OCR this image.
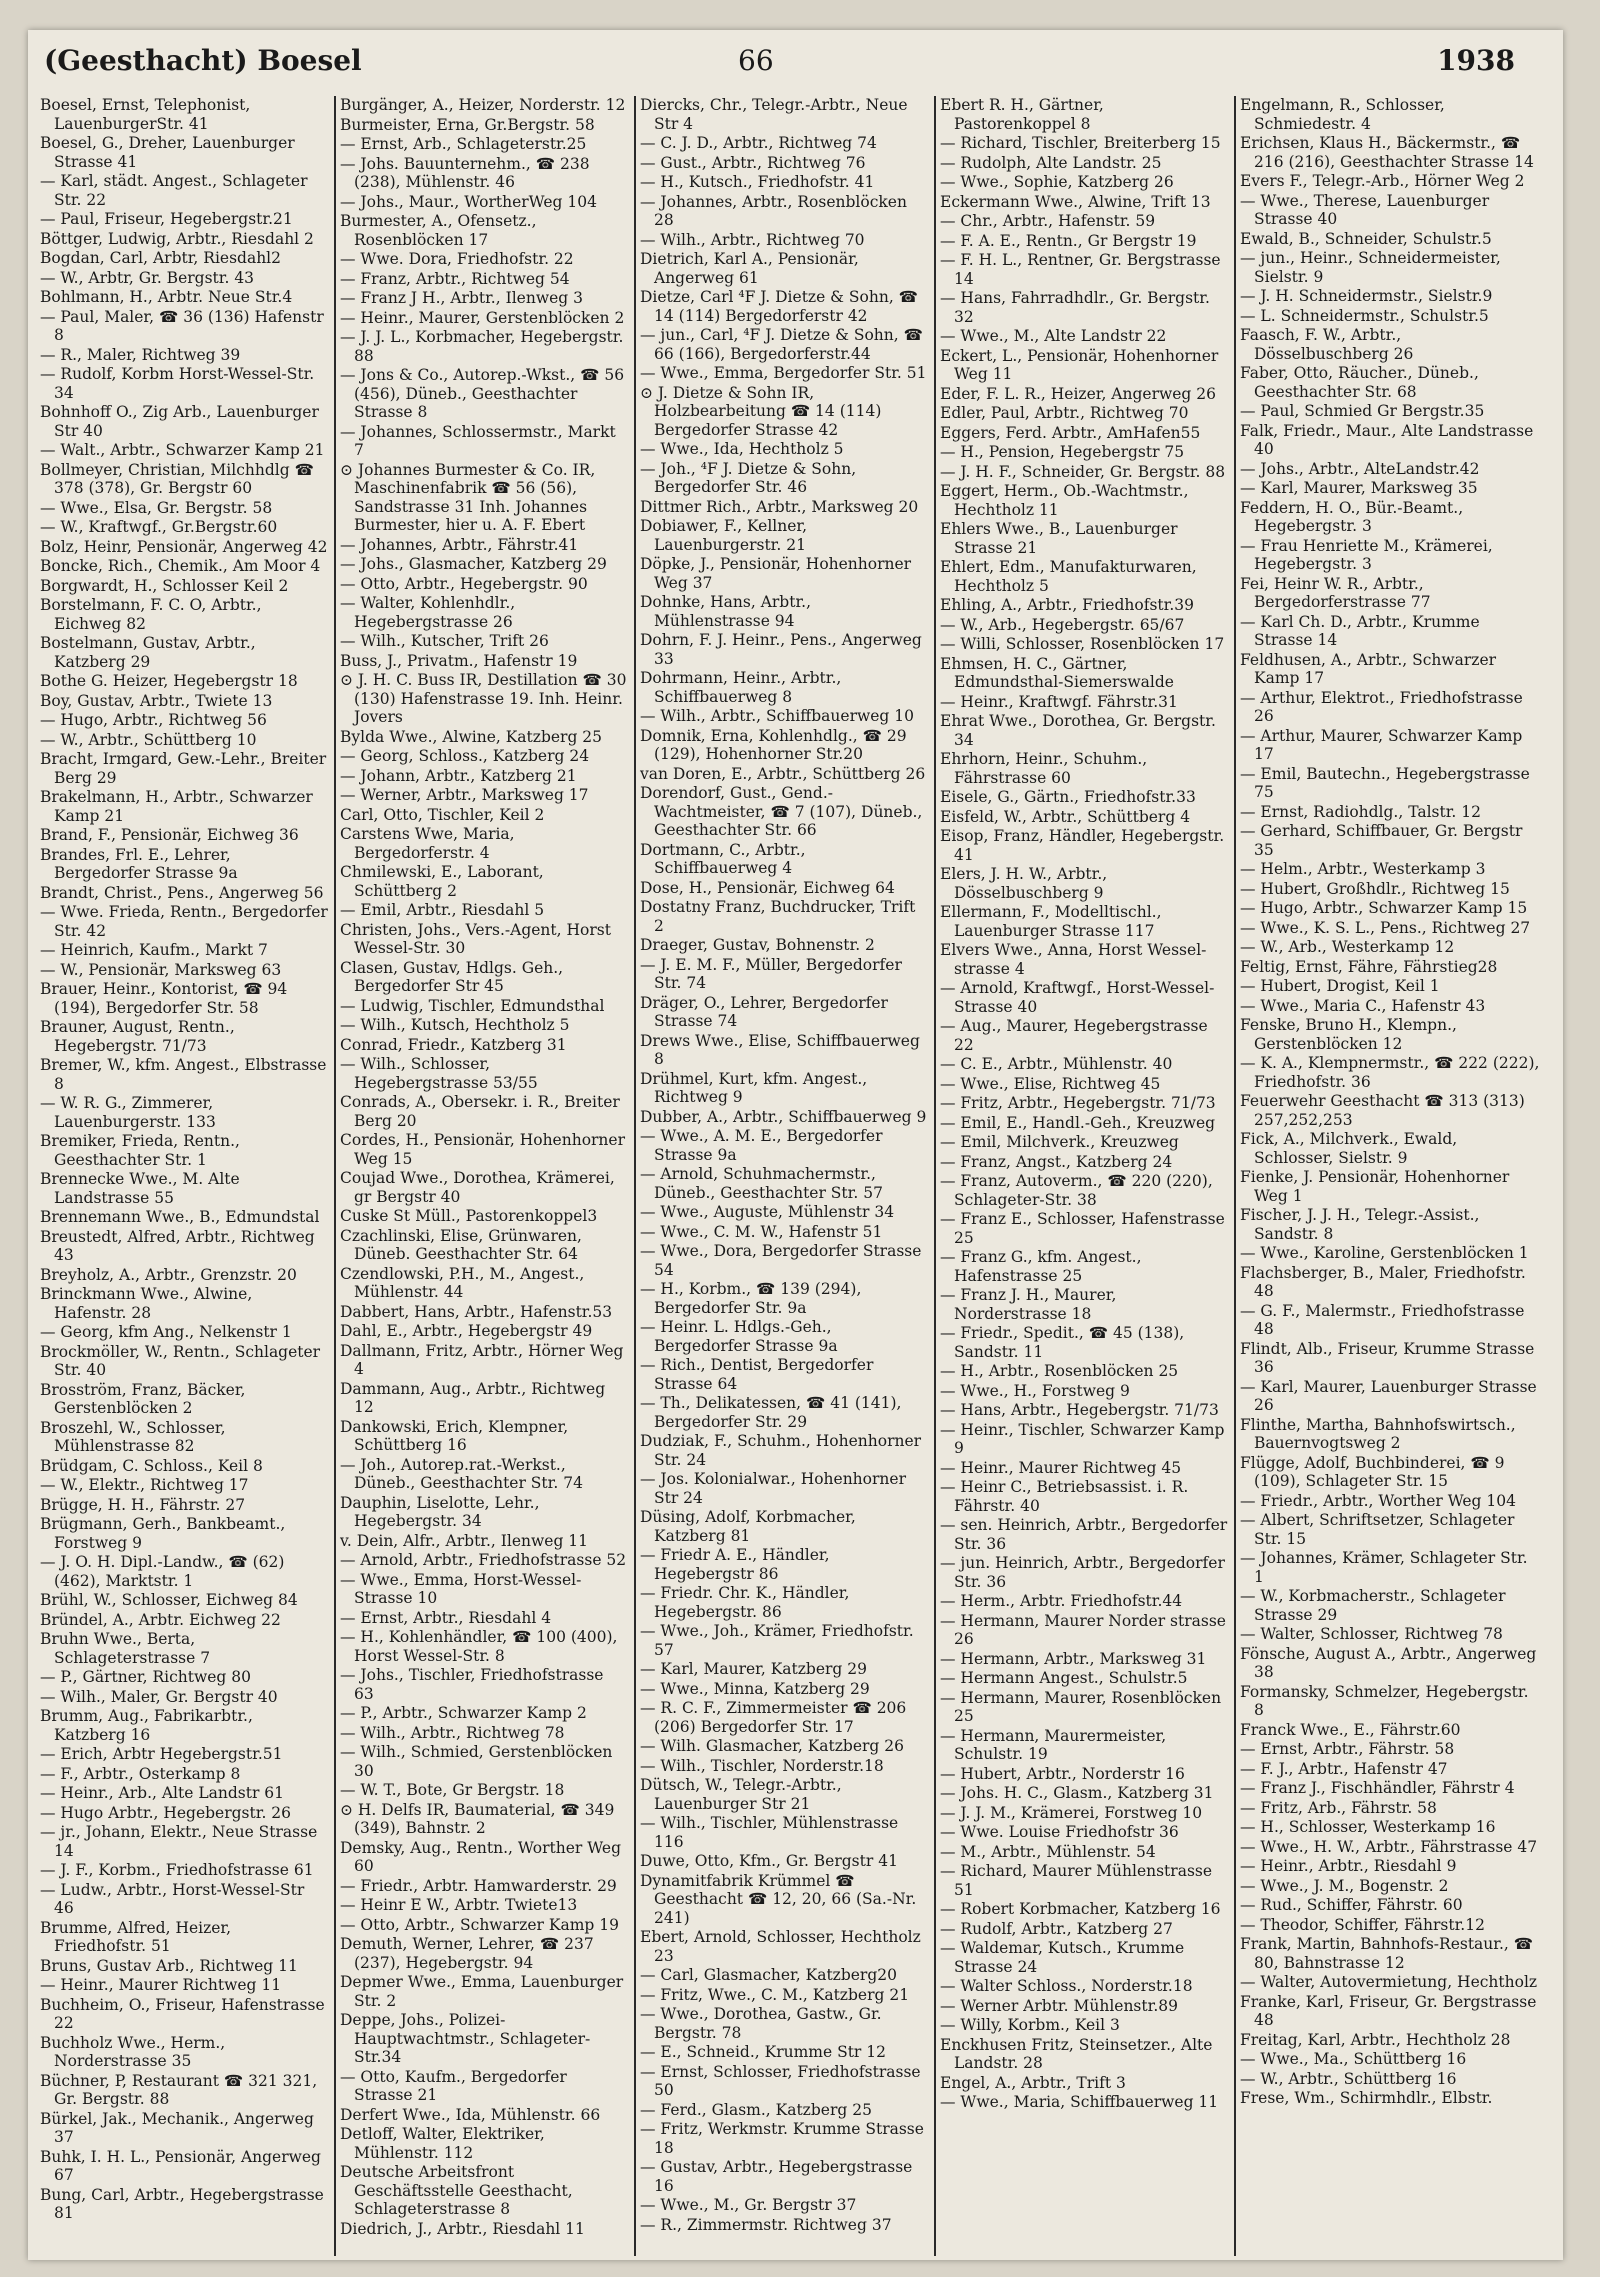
(Geesthacht) Boesel	66	1938
Boesel, Ernst, Telephonist, LauenburgerStr. 41
Boesel, G., Dreher, Lauenburger Strasse 41
— Karl, städt. Angest., Schlageter Str. 22
— Paul, Friseur, Hegebergstr.21
Böttger, Ludwig, Arbtr., Riesdahl 2
Bogdan, Carl, Arbtr, Riesdahl2
— W., Arbtr, Gr. Bergstr. 43
Bohlmann, H., Arbtr. Neue Str.4
— Paul, Maler, ☎ 36 (136) Hafenstr 8
— R., Maler, Richtweg 39
— Rudolf, Korbm Horst-Wessel-Str. 34
Bohnhoff O., Zig Arb., Lauenburger Str 40
— Walt., Arbtr., Schwarzer Kamp 21
Bollmeyer, Christian, Milchhdlg ☎ 378 (378), Gr. Bergstr 60
— Wwe., Elsa, Gr. Bergstr. 58
— W., Kraftwgf., Gr.Bergstr.60
Bolz, Heinr, Pensionär, Angerweg 42
Boncke, Rich., Chemik., Am Moor 4
Borgwardt, H., Schlosser Keil 2
Borstelmann, F. C. O, Arbtr., Eichweg 82
Bostelmann, Gustav, Arbtr., Katzberg 29
Bothe G. Heizer, Hegebergstr 18
Boy, Gustav, Arbtr., Twiete 13
— Hugo, Arbtr., Richtweg 56
— W., Arbtr., Schüttberg 10
Bracht, Irmgard, Gew.-Lehr., Breiter Berg 29
Brakelmann, H., Arbtr., Schwarzer Kamp 21
Brand, F., Pensionär, Eichweg 36
Brandes, Frl. E., Lehrer, Bergedorfer Strasse 9a
Brandt, Christ., Pens., Angerweg 56
— Wwe. Frieda, Rentn., Bergedorfer Str. 42
— Heinrich, Kaufm., Markt 7
— W., Pensionär, Marksweg 63
Brauer, Heinr., Kontorist, ☎ 94 (194), Bergedorfer Str. 58
Brauner, August, Rentn., Hegebergstr. 71/73
Bremer, W., kfm. Angest., Elbstrasse 8
— W. R. G., Zimmerer, Lauenburgerstr. 133
Bremiker, Frieda, Rentn., Geesthachter Str. 1
Brennecke Wwe., M. Alte Landstrasse 55
Brennemann Wwe., B., Edmundstal
Breustedt, Alfred, Arbtr., Richtweg 43
Breyholz, A., Arbtr., Grenzstr. 20
Brinckmann Wwe., Alwine, Hafenstr. 28
— Georg, kfm Ang., Nelkenstr 1
Brockmöller, W., Rentn., Schlageter Str. 40
Brosström, Franz, Bäcker, Gerstenblöcken 2
Broszehl, W., Schlosser, Mühlenstrasse 82
Brüdgam, C. Schloss., Keil 8
— W., Elektr., Richtweg 17
Brügge, H. H., Fährstr. 27
Brügmann, Gerh., Bankbeamt., Forstweg 9
— J. O. H. Dipl.-Landw., ☎ (62) (462), Marktstr. 1
Brühl, W., Schlosser, Eichweg 84
Bründel, A., Arbtr. Eichweg 22
Bruhn Wwe., Berta, Schlageterstrasse 7
— P., Gärtner, Richtweg 80
— Wilh., Maler, Gr. Bergstr 40
Brumm, Aug., Fabrikarbtr., Katzberg 16
— Erich, Arbtr Hegebergstr.51
— F., Arbtr., Osterkamp 8
— Heinr., Arb., Alte Landstr 61
— Hugo Arbtr., Hegebergstr. 26
— jr., Johann, Elektr., Neue Strasse 14
— J. F., Korbm., Friedhofstrasse 61
— Ludw., Arbtr., Horst-Wessel-Str 46
Brumme, Alfred, Heizer, Friedhofstr. 51
Bruns, Gustav Arb., Richtweg 11
— Heinr., Maurer Richtweg 11
Buchheim, O., Friseur, Hafenstrasse 22
Buchholz Wwe., Herm., Norderstrasse 35
Büchner, P, Restaurant ☎ 321 321, Gr. Bergstr. 88
Bürkel, Jak., Mechanik., Angerweg 37
Buhk, I. H. L., Pensionär, Angerweg 67
Bung, Carl, Arbtr., Hegebergstrasse 81
Burgänger, A., Heizer, Norderstr. 12
Burmeister, Erna, Gr.Bergstr. 58
— Ernst, Arb., Schlageterstr.25
— Johs. Bauunternehm., ☎ 238 (238), Mühlenstr. 46
— Johs., Maur., WortherWeg 104
Burmester, A., Ofensetz., Rosenblöcken 17
— Wwe. Dora, Friedhofstr. 22
— Franz, Arbtr., Richtweg 54
— Franz J H., Arbtr., Ilenweg 3
— Heinr., Maurer, Gerstenblöcken 2
— J. J. L., Korbmacher, Hegebergstr. 88
— Jons & Co., Autorep.-Wkst., ☎ 56 (456), Düneb., Geesthachter Strasse 8
— Johannes, Schlossermstr., Markt 7
⊙ Johannes Burmester & Co. IR, Maschinenfabrik ☎ 56 (56), Sandstrasse 31 Inh. Johannes Burmester, hier u. A. F. Ebert
— Johannes, Arbtr., Fährstr.41
— Johs., Glasmacher, Katzberg 29
— Otto, Arbtr., Hegebergstr. 90
— Walter, Kohlenhdlr., Hegebergstrasse 26
— Wilh., Kutscher, Trift 26
Buss, J., Privatm., Hafenstr 19
⊙ J. H. C. Buss IR, Destillation ☎ 30 (130) Hafenstrasse 19. Inh. Heinr. Jovers
Bylda Wwe., Alwine, Katzberg 25
— Georg, Schloss., Katzberg 24
— Johann, Arbtr., Katzberg 21
— Werner, Arbtr., Marksweg 17
Carl, Otto, Tischler, Keil 2
Carstens Wwe, Maria, Bergedorferstr. 4
Chmilewski, E., Laborant, Schüttberg 2
— Emil, Arbtr., Riesdahl 5
Christen, Johs., Vers.-Agent, Horst Wessel-Str. 30
Clasen, Gustav, Hdlgs. Geh., Bergedorfer Str 45
— Ludwig, Tischler, Edmundsthal
— Wilh., Kutsch, Hechtholz 5
Conrad, Friedr., Katzberg 31
— Wilh., Schlosser, Hegebergstrasse 53/55
Conrads, A., Obersekr. i. R., Breiter Berg 20
Cordes, H., Pensionär, Hohenhorner Weg 15
Coujad Wwe., Dorothea, Krämerei, gr Bergstr 40
Cuske St Müll., Pastorenkoppel3
Czachlinski, Elise, Grünwaren, Düneb. Geesthachter Str. 64
Czendlowski, P.H., M., Angest., Mühlenstr. 44
Dabbert, Hans, Arbtr., Hafenstr.53
Dahl, E., Arbtr., Hegebergstr 49
Dallmann, Fritz, Arbtr., Hörner Weg 4
Dammann, Aug., Arbtr., Richtweg 12
Dankowski, Erich, Klempner, Schüttberg 16
— Joh., Autorep.rat.-Werkst., Düneb., Geesthachter Str. 74
Dauphin, Liselotte, Lehr., Hegebergstr. 34
v. Dein, Alfr., Arbtr., Ilenweg 11
— Arnold, Arbtr., Friedhofstrasse 52
— Wwe., Emma, Horst-Wessel-Strasse 10
— Ernst, Arbtr., Riesdahl 4
— H., Kohlenhändler, ☎ 100 (400), Horst Wessel-Str. 8
— Johs., Tischler, Friedhofstrasse 63
— P., Arbtr., Schwarzer Kamp 2
— Wilh., Arbtr., Richtweg 78
— Wilh., Schmied, Gerstenblöcken 30
— W. T., Bote, Gr Bergstr. 18
⊙ H. Delfs IR, Baumaterial, ☎ 349 (349), Bahnstr. 2
Demsky, Aug., Rentn., Worther Weg 60
— Friedr., Arbtr. Hamwarderstr. 29
— Heinr E W., Arbtr. Twiete13
— Otto, Arbtr., Schwarzer Kamp 19
Demuth, Werner, Lehrer, ☎ 237 (237), Hegebergstr. 94
Depmer Wwe., Emma, Lauenburger Str. 2
Deppe, Johs., Polizei-Hauptwachtmstr., Schlageter-Str.34
— Otto, Kaufm., Bergedorfer Strasse 21
Derfert Wwe., Ida, Mühlenstr. 66
Detloff, Walter, Elektriker, Mühlenstr. 112
Deutsche Arbeitsfront Geschäftsstelle Geesthacht, Schlageterstrasse 8
Diedrich, J., Arbtr., Riesdahl 11
Diercks, Chr., Telegr.-Arbtr., Neue Str 4
— C. J. D., Arbtr., Richtweg 74
— Gust., Arbtr., Richtweg 76
— H., Kutsch., Friedhofstr. 41
— Johannes, Arbtr., Rosenblöcken 28
— Wilh., Arbtr., Richtweg 70
Dietrich, Karl A., Pensionär, Angerweg 61
Dietze, Carl ⁴F J. Dietze & Sohn, ☎ 14 (114) Bergedorferstr 42
— jun., Carl, ⁴F J. Dietze & Sohn, ☎ 66 (166), Bergedorferstr.44
— Wwe., Emma, Bergedorfer Str. 51
⊙ J. Dietze & Sohn IR, Holzbearbeitung ☎ 14 (114) Bergedorfer Strasse 42
— Wwe., Ida, Hechtholz 5
— Joh., ⁴F J. Dietze & Sohn, Bergedorfer Str. 46
Dittmer Rich., Arbtr., Marksweg 20
Dobiawer, F., Kellner, Lauenburgerstr. 21
Döpke, J., Pensionär, Hohenhorner Weg 37
Dohnke, Hans, Arbtr., Mühlenstrasse 94
Dohrn, F. J. Heinr., Pens., Angerweg 33
Dohrmann, Heinr., Arbtr., Schiffbauerweg 8
— Wilh., Arbtr., Schiffbauerweg 10
Domnik, Erna, Kohlenhdlg., ☎ 29 (129), Hohenhorner Str.20
van Doren, E., Arbtr., Schüttberg 26
Dorendorf, Gust., Gend.-Wachtmeister, ☎ 7 (107), Düneb., Geesthachter Str. 66
Dortmann, C., Arbtr., Schiffbauerweg 4
Dose, H., Pensionär, Eichweg 64
Dostatny Franz, Buchdrucker, Trift 2
Draeger, Gustav, Bohnenstr. 2
— J. E. M. F., Müller, Bergedorfer Str. 74
Dräger, O., Lehrer, Bergedorfer Strasse 74
Drews Wwe., Elise, Schiffbauerweg 8
Drühmel, Kurt, kfm. Angest., Richtweg 9
Dubber, A., Arbtr., Schiffbauerweg 9
— Wwe., A. M. E., Bergedorfer Strasse 9a
— Arnold, Schuhmachermstr., Düneb., Geesthachter Str. 57
— Wwe., Auguste, Mühlenstr 34
— Wwe., C. M. W., Hafenstr 51
— Wwe., Dora, Bergedorfer Strasse 54
— H., Korbm., ☎ 139 (294), Bergedorfer Str. 9a
— Heinr. L. Hdlgs.-Geh., Bergedorfer Strasse 9a
— Rich., Dentist, Bergedorfer Strasse 64
— Th., Delikatessen, ☎ 41 (141), Bergedorfer Str. 29
Dudziak, F., Schuhm., Hohenhorner Str. 24
— Jos. Kolonialwar., Hohenhorner Str 24
Düsing, Adolf, Korbmacher, Katzberg 81
— Friedr A. E., Händler, Hegebergstr 86
— Friedr. Chr. K., Händler, Hegebergstr. 86
— Wwe., Joh., Krämer, Friedhofstr. 57
— Karl, Maurer, Katzberg 29
— Wwe., Minna, Katzberg 29
— R. C. F., Zimmermeister ☎ 206 (206) Bergedorfer Str. 17
— Wilh. Glasmacher, Katzberg 26
— Wilh., Tischler, Norderstr.18
Dütsch, W., Telegr.-Arbtr., Lauenburger Str 21
— Wilh., Tischler, Mühlenstrasse 116
Duwe, Otto, Kfm., Gr. Bergstr 41
Dynamitfabrik Krümmel ☎ Geesthacht ☎ 12, 20, 66 (Sa.-Nr. 241)
Ebert, Arnold, Schlosser, Hechtholz 23
— Carl, Glasmacher, Katzberg20
— Fritz, Wwe., C. M., Katzberg 21
— Wwe., Dorothea, Gastw., Gr. Bergstr. 78
— E., Schneid., Krumme Str 12
— Ernst, Schlosser, Friedhofstrasse 50
— Ferd., Glasm., Katzberg 25
— Fritz, Werkmstr. Krumme Strasse 18
— Gustav, Arbtr., Hegebergstrasse 16
— Wwe., M., Gr. Bergstr 37
— R., Zimmermstr. Richtweg 37
Ebert R. H., Gärtner, Pastorenkoppel 8
— Richard, Tischler, Breiterberg 15
— Rudolph, Alte Landstr. 25
— Wwe., Sophie, Katzberg 26
Eckermann Wwe., Alwine, Trift 13
— Chr., Arbtr., Hafenstr. 59
— F. A. E., Rentn., Gr Bergstr 19
— F. H. L., Rentner, Gr. Bergstrasse 14
— Hans, Fahrradhdlr., Gr. Bergstr. 32
— Wwe., M., Alte Landstr 22
Eckert, L., Pensionär, Hohenhorner Weg 11
Eder, F. L. R., Heizer, Angerweg 26
Edler, Paul, Arbtr., Richtweg 70
Eggers, Ferd. Arbtr., AmHafen55
— H., Pension, Hegebergstr 75
— J. H. F., Schneider, Gr. Bergstr. 88
Eggert, Herm., Ob.-Wachtmstr., Hechtholz 11
Ehlers Wwe., B., Lauenburger Strasse 21
Ehlert, Edm., Manufakturwaren, Hechtholz 5
Ehling, A., Arbtr., Friedhofstr.39
— W., Arb., Hegebergstr. 65/67
— Willi, Schlosser, Rosenblöcken 17
Ehmsen, H. C., Gärtner, Edmundsthal-Siemerswalde
— Heinr., Kraftwgf. Fährstr.31
Ehrat Wwe., Dorothea, Gr. Bergstr. 34
Ehrhorn, Heinr., Schuhm., Fährstrasse 60
Eisele, G., Gärtn., Friedhofstr.33
Eisfeld, W., Arbtr., Schüttberg 4
Eisop, Franz, Händler, Hegebergstr. 41
Elers, J. H. W., Arbtr., Dösselbuschberg 9
Ellermann, F., Modelltischl., Lauenburger Strasse 117
Elvers Wwe., Anna, Horst Wessel-strasse 4
— Arnold, Kraftwgf., Horst-Wessel-Strasse 40
— Aug., Maurer, Hegebergstrasse 22
— C. E., Arbtr., Mühlenstr. 40
— Wwe., Elise, Richtweg 45
— Fritz, Arbtr., Hegebergstr. 71/73
— Emil, E., Handl.-Geh., Kreuzweg
— Emil, Milchverk., Kreuzweg
— Franz, Angst., Katzberg 24
— Franz, Autoverm., ☎ 220 (220), Schlageter-Str. 38
— Franz E., Schlosser, Hafenstrasse 25
— Franz G., kfm. Angest., Hafenstrasse 25
— Franz J. H., Maurer, Norderstrasse 18
— Friedr., Spedit., ☎ 45 (138), Sandstr. 11
— H., Arbtr., Rosenblöcken 25
— Wwe., H., Forstweg 9
— Hans, Arbtr., Hegebergstr. 71/73
— Heinr., Tischler, Schwarzer Kamp 9
— Heinr., Maurer Richtweg 45
— Heinr C., Betriebsassist. i. R. Fährstr. 40
— sen. Heinrich, Arbtr., Bergedorfer Str. 36
— jun. Heinrich, Arbtr., Bergedorfer Str. 36
— Herm., Arbtr. Friedhofstr.44
— Hermann, Maurer Norder strasse 26
— Hermann, Arbtr., Marksweg 31
— Hermann Angest., Schulstr.5
— Hermann, Maurer, Rosenblöcken 25
— Hermann, Maurermeister, Schulstr. 19
— Hubert, Arbtr., Norderstr 16
— Johs. H. C., Glasm., Katzberg 31
— J. J. M., Krämerei, Forstweg 10
— Wwe. Louise Friedhofstr 36
— M., Arbtr., Mühlenstr. 54
— Richard, Maurer Mühlenstrasse 51
— Robert Korbmacher, Katzberg 16
— Rudolf, Arbtr., Katzberg 27
— Waldemar, Kutsch., Krumme Strasse 24
— Walter Schloss., Norderstr.18
— Werner Arbtr. Mühlenstr.89
— Willy, Korbm., Keil 3
Enckhusen Fritz, Steinsetzer., Alte Landstr. 28
Engel, A., Arbtr., Trift 3
— Wwe., Maria, Schiffbauerweg 11
Engelmann, R., Schlosser, Schmiedestr. 4
Erichsen, Klaus H., Bäckermstr., ☎ 216 (216), Geesthachter Strasse 14
Evers F., Telegr.-Arb., Hörner Weg 2
— Wwe., Therese, Lauenburger Strasse 40
Ewald, B., Schneider, Schulstr.5
— jun., Heinr., Schneidermeister, Sielstr. 9
— J. H. Schneidermstr., Sielstr.9
— L. Schneidermstr., Schulstr.5
Faasch, F. W., Arbtr., Dösselbuschberg 26
Faber, Otto, Räucher., Düneb., Geesthachter Str. 68
— Paul, Schmied Gr Bergstr.35
Falk, Friedr., Maur., Alte Landstrasse 40
— Johs., Arbtr., AlteLandstr.42
— Karl, Maurer, Marksweg 35
Feddern, H. O., Bür.-Beamt., Hegebergstr. 3
— Frau Henriette M., Krämerei, Hegebergstr. 3
Fei, Heinr W. R., Arbtr., Bergedorferstrasse 77
— Karl Ch. D., Arbtr., Krumme Strasse 14
Feldhusen, A., Arbtr., Schwarzer Kamp 17
— Arthur, Elektrot., Friedhofstrasse 26
— Arthur, Maurer, Schwarzer Kamp 17
— Emil, Bautechn., Hegebergstrasse 75
— Ernst, Radiohdlg., Talstr. 12
— Gerhard, Schiffbauer, Gr. Bergstr 35
— Helm., Arbtr., Westerkamp 3
— Hubert, Großhdlr., Richtweg 15
— Hugo, Arbtr., Schwarzer Kamp 15
— Wwe., K. S. L., Pens., Richtweg 27
— W., Arb., Westerkamp 12
Feltig, Ernst, Fähre, Fährstieg28
— Hubert, Drogist, Keil 1
— Wwe., Maria C., Hafenstr 43
Fenske, Bruno H., Klempn., Gerstenblöcken 12
— K. A., Klempnermstr., ☎ 222 (222), Friedhofstr. 36
Feuerwehr Geesthacht ☎ 313 (313) 257,252,253
Fick, A., Milchverk., Ewald, Schlosser, Sielstr. 9
Fienke, J. Pensionär, Hohenhorner Weg 1
Fischer, J. J. H., Telegr.-Assist., Sandstr. 8
— Wwe., Karoline, Gerstenblöcken 1
Flachsberger, B., Maler, Friedhofstr. 48
— G. F., Malermstr., Friedhofstrasse 48
Flindt, Alb., Friseur, Krumme Strasse 36
— Karl, Maurer, Lauenburger Strasse 26
Flinthe, Martha, Bahnhofswirtsch., Bauernvogtsweg 2
Flügge, Adolf, Buchbinderei, ☎ 9 (109), Schlageter Str. 15
— Friedr., Arbtr., Worther Weg 104
— Albert, Schriftsetzer, Schlageter Str. 15
— Johannes, Krämer, Schlageter Str. 1
— W., Korbmacherstr., Schlageter Strasse 29
— Walter, Schlosser, Richtweg 78
Fönsche, August A., Arbtr., Angerweg 38
Formansky, Schmelzer, Hegebergstr. 8
Franck Wwe., E., Fährstr.60
— Ernst, Arbtr., Fährstr. 58
— F. J., Arbtr., Hafenstr 47
— Franz J., Fischhändler, Fährstr 4
— Fritz, Arb., Fährstr. 58
— H., Schlosser, Westerkamp 16
— Wwe., H. W., Arbtr., Fährstrasse 47
— Heinr., Arbtr., Riesdahl 9
— Wwe., J. M., Bogenstr. 2
— Rud., Schiffer, Fährstr. 60
— Theodor, Schiffer, Fährstr.12
Frank, Martin, Bahnhofs-Restaur., ☎ 80, Bahnstrasse 12
— Walter, Autovermietung, Hechtholz
Franke, Karl, Friseur, Gr. Bergstrasse 48
Freitag, Karl, Arbtr., Hechtholz 28
— Wwe., Ma., Schüttberg 16
— W., Arbtr., Schüttberg 16
Frese, Wm., Schirmhdlr., Elbstr.
